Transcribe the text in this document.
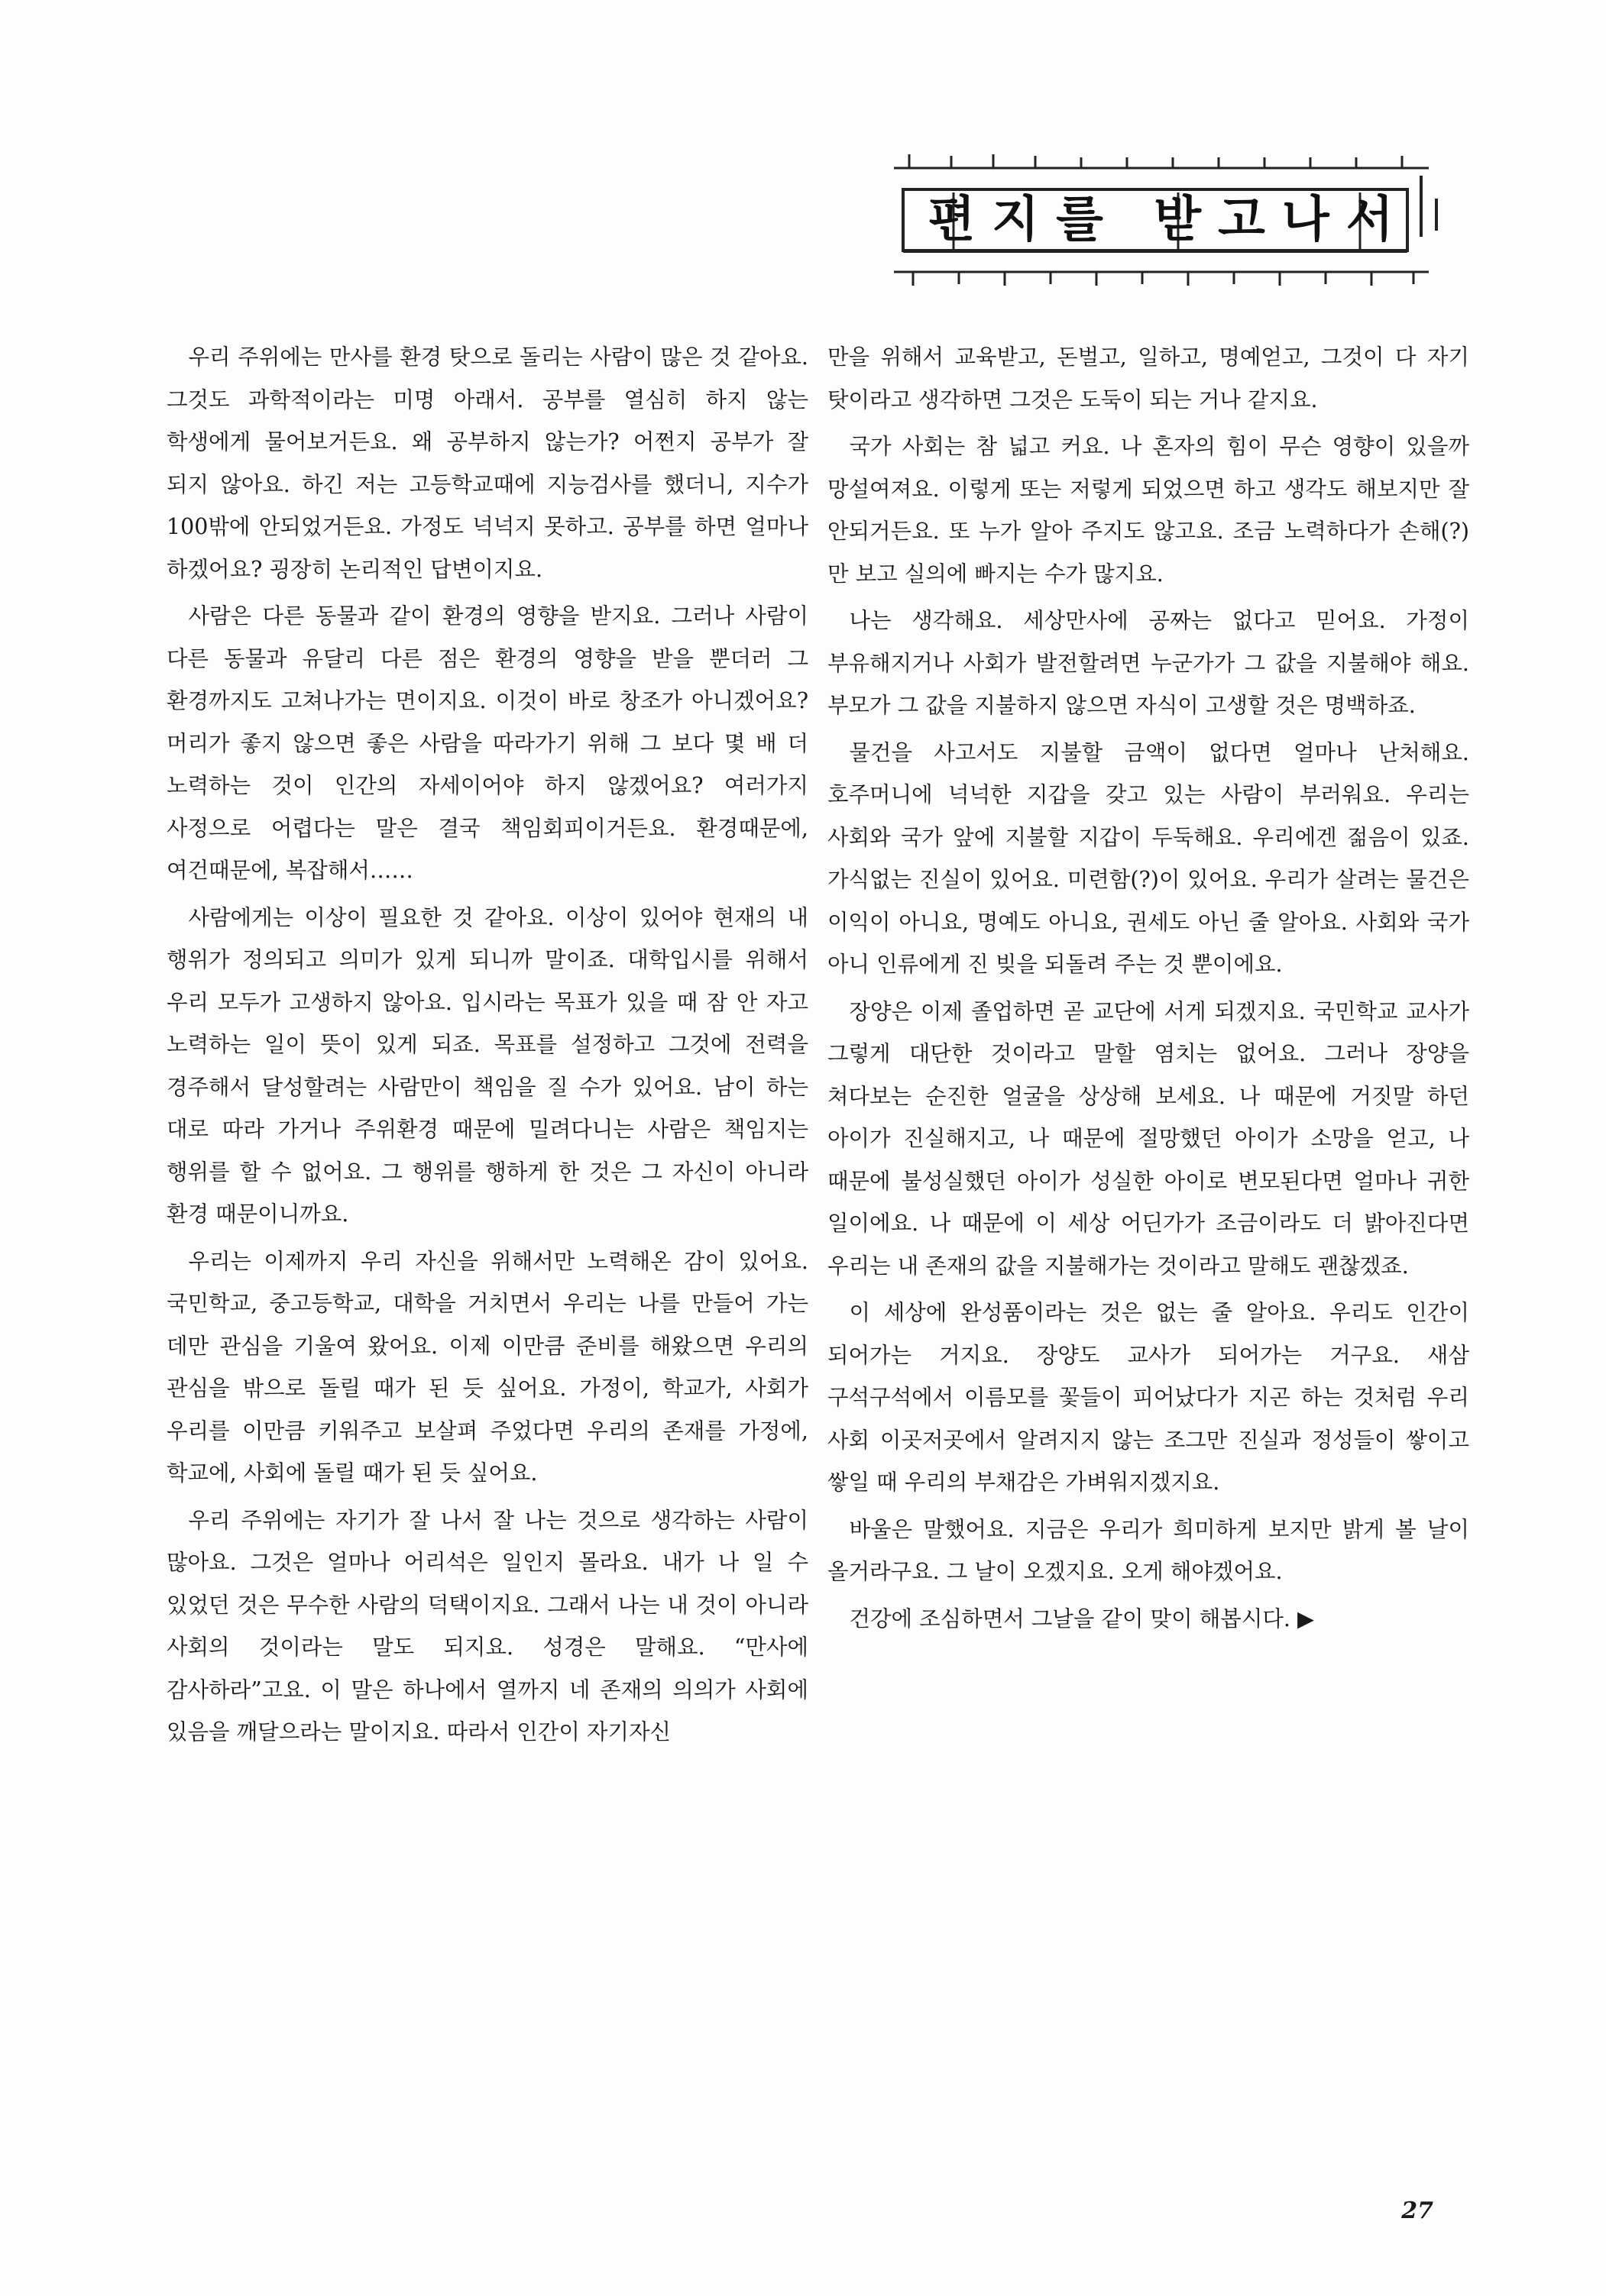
편지를 받고나서

우리 주위에는 만사를 환경 탓으로 돌리는 사람이 많은 것 같아요. 그것도 과학적이라는 미명 아래서. 공부를 열심히 하지 않는 학생에게 물어보거든요. 왜 공부하지 않는가? 어쩐지 공부가 잘 되지 않아요. 하긴 저는 고등학교때에 지능검사를 했더니, 지수가 100밖에 안되었거든요. 가정도 넉넉지 못하고. 공부를 하면 얼마나 하겠어요? 굉장히 논리적인 답변이지요.

사람은 다른 동물과 같이 환경의 영향을 받지요. 그러나 사람이 다른 동물과 유달리 다른 점은 환경의 영향을 받을 뿐더러 그 환경까지도 고쳐나가는 면이지요. 이것이 바로 창조가 아니겠어요? 머리가 좋지 않으면 좋은 사람을 따라가기 위해 그 보다 몇 배 더 노력하는 것이 인간의 자세이어야 하지 않겠어요? 여러가지 사정으로 어렵다는 말은 결국 책임회피이거든요. 환경때문에, 여건때문에, 복잡해서……

사람에게는 이상이 필요한 것 같아요. 이상이 있어야 현재의 내 행위가 정의되고 의미가 있게 되니까 말이죠. 대학입시를 위해서 우리 모두가 고생하지 않아요. 입시라는 목표가 있을 때 잠 안 자고 노력하는 일이 뜻이 있게 되죠. 목표를 설정하고 그것에 전력을 경주해서 달성할려는 사람만이 책임을 질 수가 있어요. 남이 하는 대로 따라 가거나 주위환경 때문에 밀려다니는 사람은 책임지는 행위를 할 수 없어요. 그 행위를 행하게 한 것은 그 자신이 아니라 환경 때문이니까요.

우리는 이제까지 우리 자신을 위해서만 노력해온 감이 있어요. 국민학교, 중고등학교, 대학을 거치면서 우리는 나를 만들어 가는 데만 관심을 기울여 왔어요. 이제 이만큼 준비를 해왔으면 우리의 관심을 밖으로 돌릴 때가 된 듯 싶어요. 가정이, 학교가, 사회가 우리를 이만큼 키워주고 보살펴 주었다면 우리의 존재를 가정에, 학교에, 사회에 돌릴 때가 된 듯 싶어요.

우리 주위에는 자기가 잘 나서 잘 나는 것으로 생각하는 사람이 많아요. 그것은 얼마나 어리석은 일인지 몰라요. 내가 나 일 수 있었던 것은 무수한 사람의 덕택이지요. 그래서 나는 내 것이 아니라 사회의 것이라는 말도 되지요. 성경은 말해요. “만사에 감사하라”고요. 이 말은 하나에서 열까지 네 존재의 의의가 사회에 있음을 깨달으라는 말이지요. 따라서 인간이 자기자신

만을 위해서 교육받고, 돈벌고, 일하고, 명예얻고, 그것이 다 자기 탓이라고 생각하면 그것은 도둑이 되는 거나 같지요.

국가 사회는 참 넓고 커요. 나 혼자의 힘이 무슨 영향이 있을까 망설여져요. 이렇게 또는 저렇게 되었으면 하고 생각도 해보지만 잘 안되거든요. 또 누가 알아 주지도 않고요. 조금 노력하다가 손해(?)만 보고 실의에 빠지는 수가 많지요.

나는 생각해요. 세상만사에 공짜는 없다고 믿어요. 가정이 부유해지거나 사회가 발전할려면 누군가가 그 값을 지불해야 해요. 부모가 그 값을 지불하지 않으면 자식이 고생할 것은 명백하죠.

물건을 사고서도 지불할 금액이 없다면 얼마나 난처해요. 호주머니에 넉넉한 지갑을 갖고 있는 사람이 부러워요. 우리는 사회와 국가 앞에 지불할 지갑이 두둑해요. 우리에겐 젊음이 있죠. 가식없는 진실이 있어요. 미련함(?)이 있어요. 우리가 살려는 물건은 이익이 아니요, 명예도 아니요, 권세도 아닌 줄 알아요. 사회와 국가 아니 인류에게 진 빚을 되돌려 주는 것 뿐이에요.

장양은 이제 졸업하면 곧 교단에 서게 되겠지요. 국민학교 교사가 그렇게 대단한 것이라고 말할 염치는 없어요. 그러나 장양을 쳐다보는 순진한 얼굴을 상상해 보세요. 나 때문에 거짓말 하던 아이가 진실해지고, 나 때문에 절망했던 아이가 소망을 얻고, 나 때문에 불성실했던 아이가 성실한 아이로 변모된다면 얼마나 귀한 일이에요. 나 때문에 이 세상 어딘가가 조금이라도 더 밝아진다면 우리는 내 존재의 값을 지불해가는 것이라고 말해도 괜찮겠죠.

이 세상에 완성품이라는 것은 없는 줄 알아요. 우리도 인간이 되어가는 거지요. 장양도 교사가 되어가는 거구요. 새삼 구석구석에서 이름모를 꽃들이 피어났다가 지곤 하는 것처럼 우리 사회 이곳저곳에서 알려지지 않는 조그만 진실과 정성들이 쌓이고 쌓일 때 우리의 부채감은 가벼워지겠지요.

바울은 말했어요. 지금은 우리가 희미하게 보지만 밝게 볼 날이 올거라구요. 그 날이 오겠지요. 오게 해야겠어요.

건강에 조심하면서 그날을 같이 맞이 해봅시다. ▶

27
